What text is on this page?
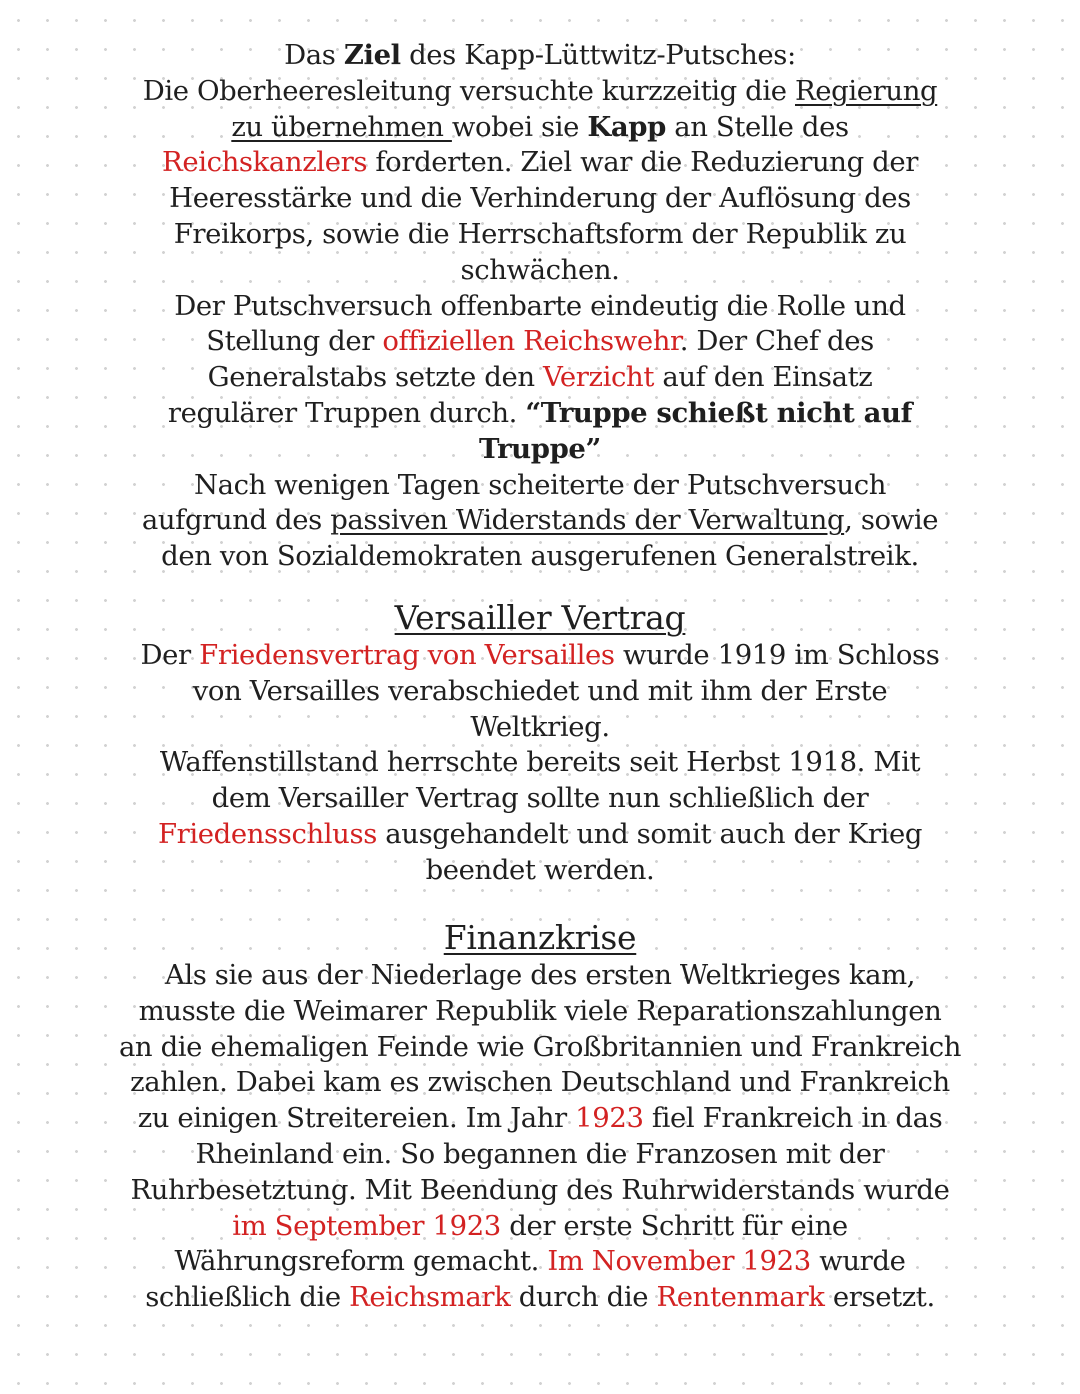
Das Ziel des Kapp-Lüttwitz-Putsches:
Die Oberheeresleitung versuchte kurzzeitig die Regierung
zu übernehmen wobei sie Kapp an Stelle des
Reichskanzlers forderten. Ziel war die Reduzierung der
Heeresstärke und die Verhinderung der Auflösung des
Freikorps, sowie die Herrschaftsform der Republik zu
schwächen.
Der Putschversuch offenbarte eindeutig die Rolle und
Stellung der offiziellen Reichswehr. Der Chef des
Generalstabs setzte den Verzicht auf den Einsatz
regulärer Truppen durch. “Truppe schießt nicht auf
Truppe”
Nach wenigen Tagen scheiterte der Putschversuch
aufgrund des passiven Widerstands der Verwaltung, sowie
den von Sozialdemokraten ausgerufenen Generalstreik.
Versailler Vertrag
Der Friedensvertrag von Versailles wurde 1919 im Schloss
von Versailles verabschiedet und mit ihm der Erste
Weltkrieg.
Waffenstillstand herrschte bereits seit Herbst 1918. Mit
dem Versailler Vertrag sollte nun schließlich der
Friedensschluss ausgehandelt und somit auch der Krieg
beendet werden.
Finanzkrise
Als sie aus der Niederlage des ersten Weltkrieges kam,
musste die Weimarer Republik viele Reparationszahlungen
an die ehemaligen Feinde wie Großbritannien und Frankreich
zahlen. Dabei kam es zwischen Deutschland und Frankreich
zu einigen Streitereien. Im Jahr 1923 fiel Frankreich in das
Rheinland ein. So begannen die Franzosen mit der
Ruhrbesetztung. Mit Beendung des Ruhrwiderstands wurde
im September 1923 der erste Schritt für eine
Währungsreform gemacht. Im November 1923 wurde
schließlich die Reichsmark durch die Rentenmark ersetzt.
